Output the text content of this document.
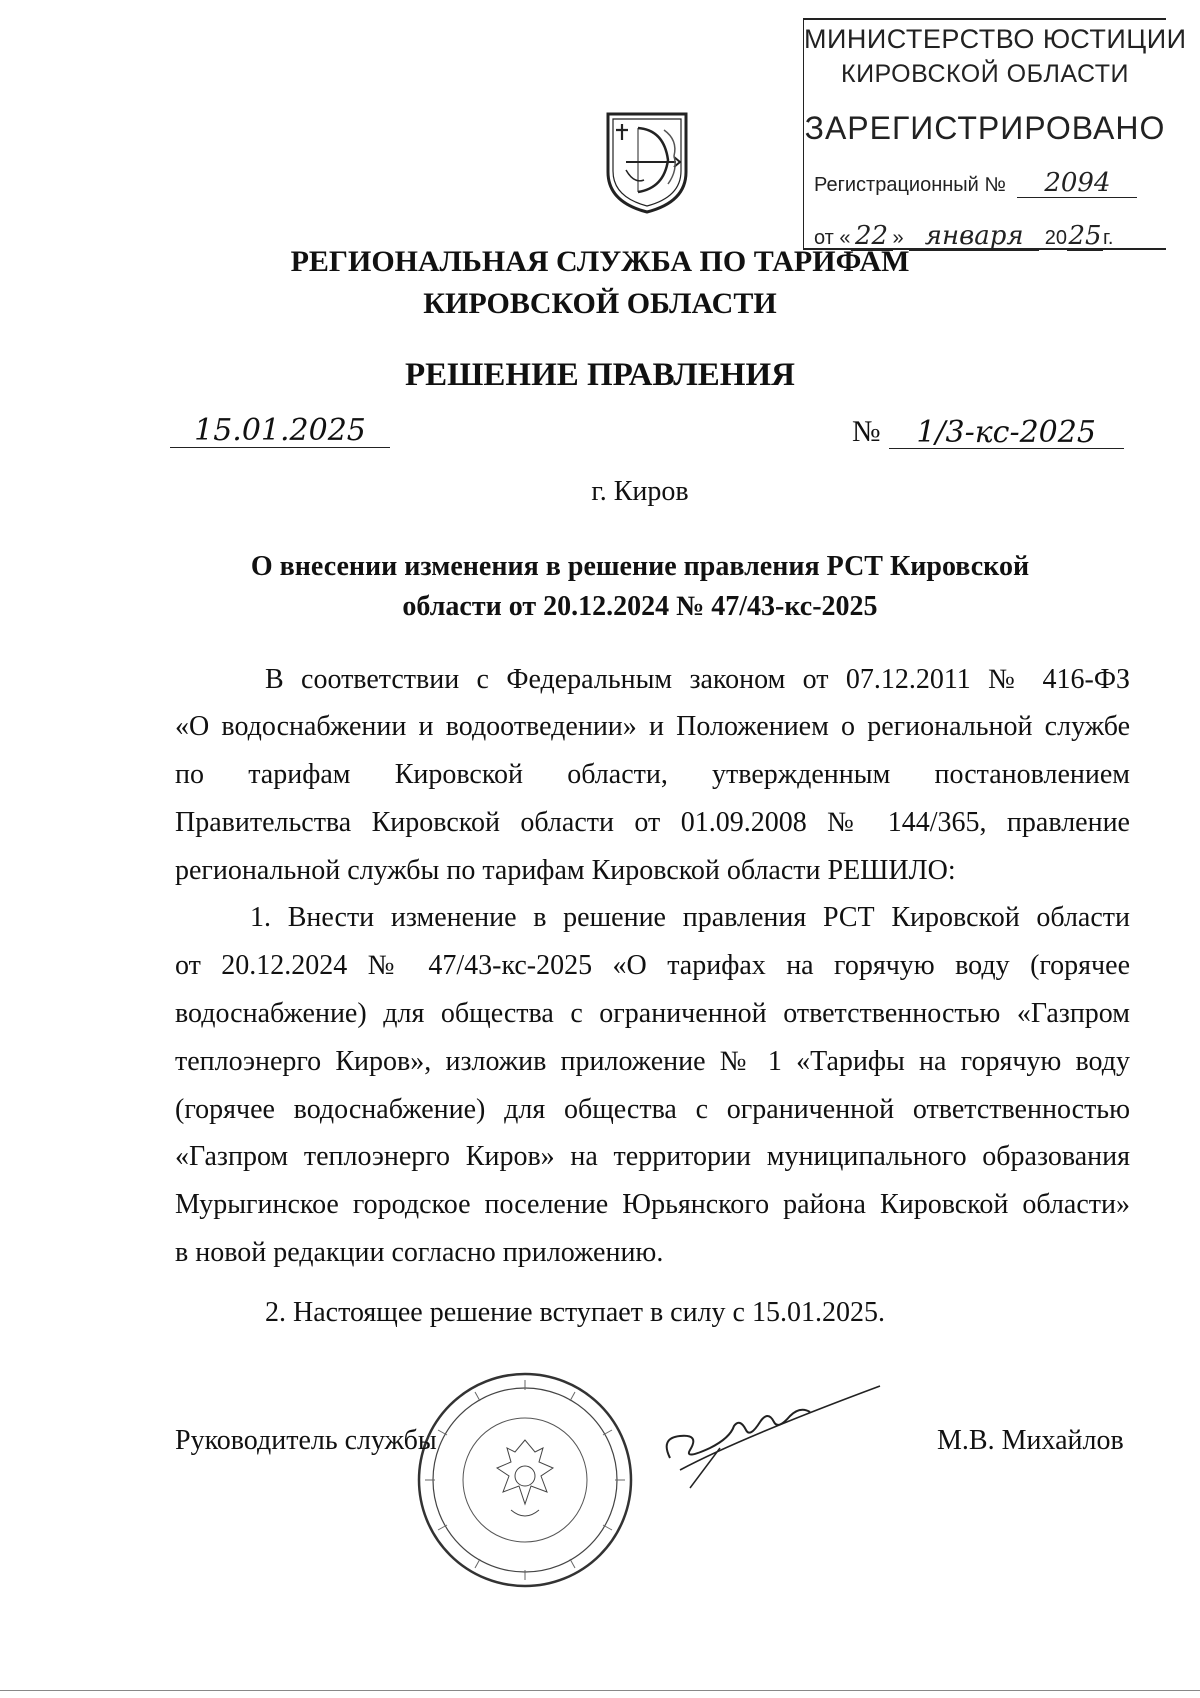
МИНИСТЕРСТВО ЮСТИЦИИ
КИРОВСКОЙ ОБЛАСТИ
ЗАРЕГИСТРИРОВАНО
Регистрационный № 2094
от « 22 » января 2025г.
РЕГИОНАЛЬНАЯ СЛУЖБА ПО ТАРИФАМ
КИРОВСКОЙ ОБЛАСТИ
РЕШЕНИЕ ПРАВЛЕНИЯ
15.01.2025	№ 1/3-кс-2025
г. Киров
О внесении изменения в решение правления РСТ Кировской
области от 20.12.2024 № 47/43-кс-2025
В соответствии с Федеральным законом от 07.12.2011 № 416-ФЗ
«О водоснабжении и водоотведении» и Положением о региональной службе
по тарифам Кировской области, утвержденным постановлением
Правительства Кировской области от 01.09.2008 № 144/365, правление
региональной службы по тарифам Кировской области РЕШИЛО:
1. Внести изменение в решение правления РСТ Кировской области
от 20.12.2024 № 47/43-кс-2025 «О тарифах на горячую воду (горячее
водоснабжение) для общества с ограниченной ответственностью «Газпром
теплоэнерго Киров», изложив приложение № 1 «Тарифы на горячую воду
(горячее водоснабжение) для общества с ограниченной ответственностью
«Газпром теплоэнерго Киров» на территории муниципального образования
Мурыгинское городское поселение Юрьянского района Кировской области»
в новой редакции согласно приложению.
2. Настоящее решение вступает в силу с 15.01.2025.
Руководитель службы	М.В. Михайлов
